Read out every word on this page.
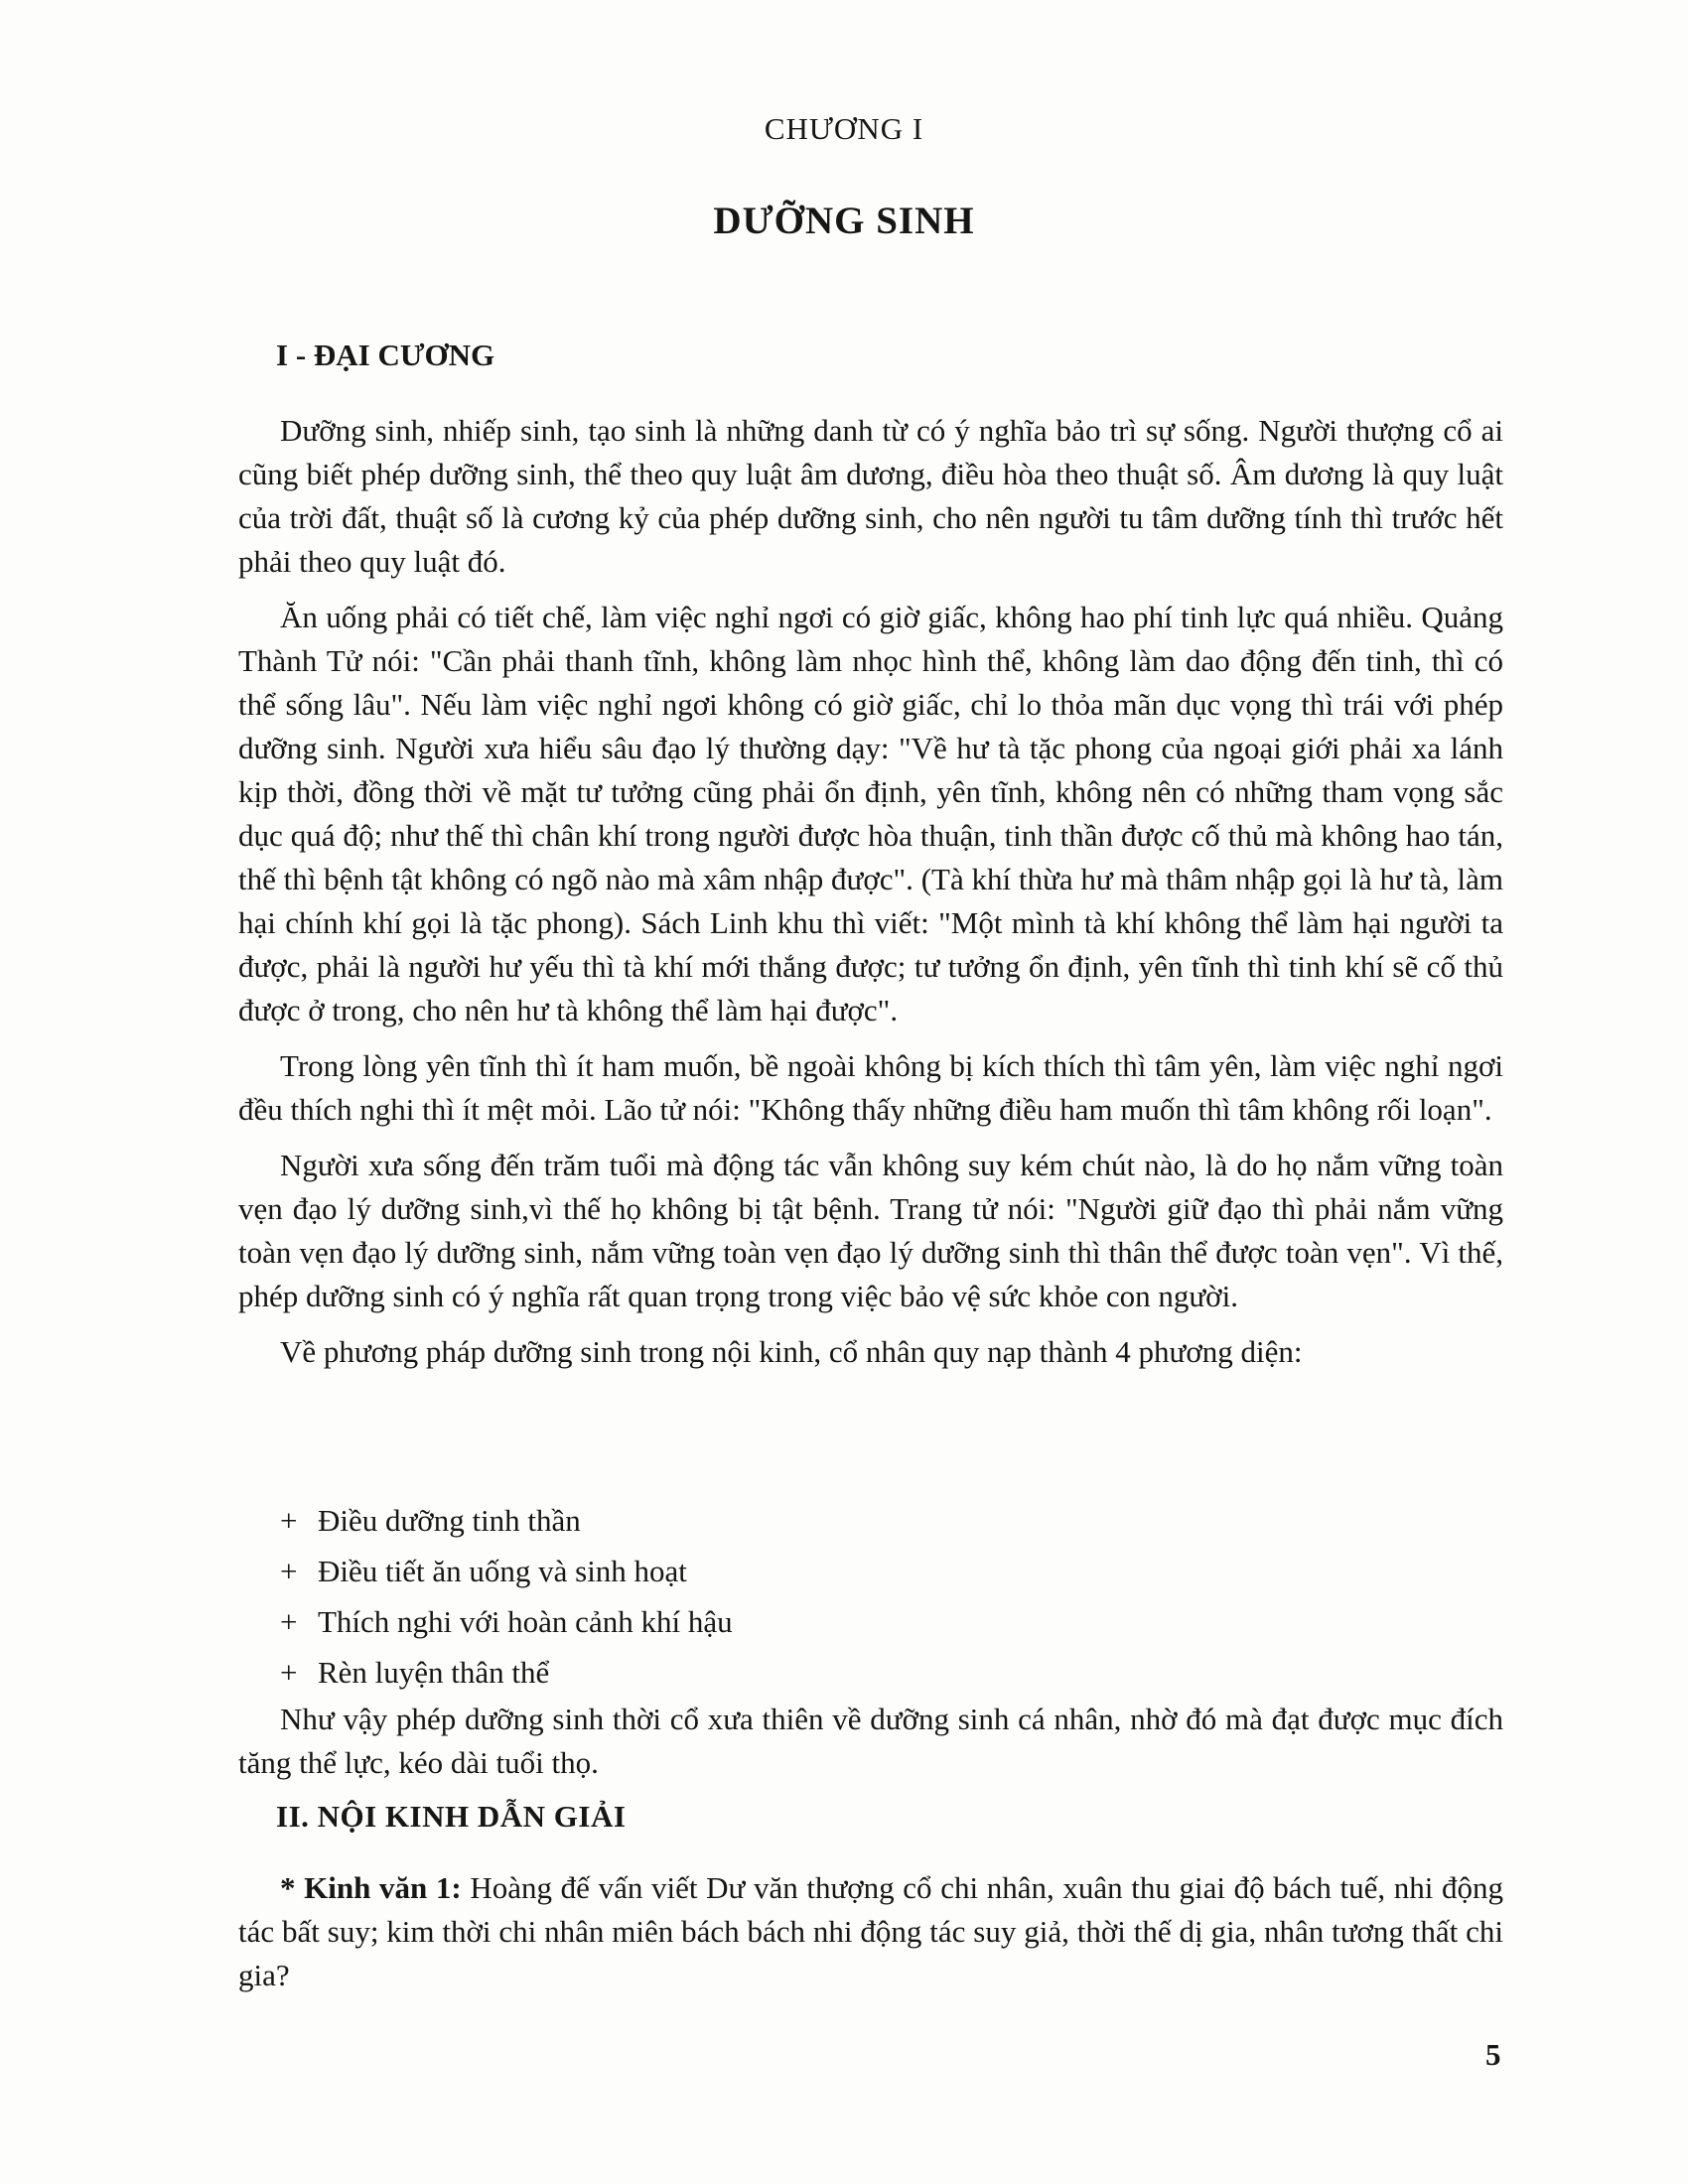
CHƯƠNG I
DƯỠNG SINH
I - ĐẠI CƯƠNG

Dưỡng sinh, nhiếp sinh, tạo sinh là những danh từ có ý nghĩa bảo trì sự sống. Người thượng cổ ai cũng biết phép dưỡng sinh, thể theo quy luật âm dương, điều hòa theo thuật số. Âm dương là quy luật của trời đất, thuật số là cương kỷ của phép dưỡng sinh, cho nên người tu tâm dưỡng tính thì trước hết phải theo quy luật đó.

Ăn uống phải có tiết chế, làm việc nghỉ ngơi có giờ giấc, không hao phí tinh lực quá nhiều. Quảng Thành Tử nói: "Cần phải thanh tĩnh, không làm nhọc hình thể, không làm dao động đến tinh, thì có thể sống lâu". Nếu làm việc nghỉ ngơi không có giờ giấc, chỉ lo thỏa mãn dục vọng thì trái với phép dưỡng sinh. Người xưa hiểu sâu đạo lý thường dạy: "Về hư tà tặc phong của ngoại giới phải xa lánh kịp thời, đồng thời về mặt tư tưởng cũng phải ổn định, yên tĩnh, không nên có những tham vọng sắc dục quá độ; như thế thì chân khí trong người được hòa thuận, tinh thần được cố thủ mà không hao tán, thế thì bệnh tật không có ngõ nào mà xâm nhập được". (Tà khí thừa hư mà thâm nhập gọi là hư tà, làm hại chính khí gọi là tặc phong). Sách Linh khu thì viết: "Một mình tà khí không thể làm hại người ta được, phải là người hư yếu thì tà khí mới thắng được; tư tưởng ổn định, yên tĩnh thì tinh khí sẽ cố thủ được ở trong, cho nên hư tà không thể làm hại được".

Trong lòng yên tĩnh thì ít ham muốn, bề ngoài không bị kích thích thì tâm yên, làm việc nghỉ ngơi đều thích nghi thì ít mệt mỏi. Lão tử nói: "Không thấy những điều ham muốn thì tâm không rối loạn".

Người xưa sống đến trăm tuổi mà động tác vẫn không suy kém chút nào, là do họ nắm vững toàn vẹn đạo lý dưỡng sinh,vì thế họ không bị tật bệnh. Trang tử nói: "Người giữ đạo thì phải nắm vững toàn vẹn đạo lý dưỡng sinh, nắm vững toàn vẹn đạo lý dưỡng sinh thì thân thể được toàn vẹn". Vì thế, phép dưỡng sinh có ý nghĩa rất quan trọng trong việc bảo vệ sức khỏe con người.

Về phương pháp dưỡng sinh trong nội kinh, cổ nhân quy nạp thành 4 phương diện:

+ Điều dưỡng tinh thần
+ Điều tiết ăn uống và sinh hoạt
+ Thích nghi với hoàn cảnh khí hậu
+ Rèn luyện thân thể

Như vậy phép dưỡng sinh thời cổ xưa thiên về dưỡng sinh cá nhân, nhờ đó mà đạt được mục đích tăng thể lực, kéo dài tuổi thọ.

II. NỘI KINH DẪN GIẢI

* Kinh văn 1: Hoàng đế vấn viết Dư văn thượng cổ chi nhân, xuân thu giai độ bách tuế, nhi động tác bất suy; kim thời chi nhân miên bách bách nhi động tác suy giả, thời thế dị gia, nhân tương thất chi gia?

5
